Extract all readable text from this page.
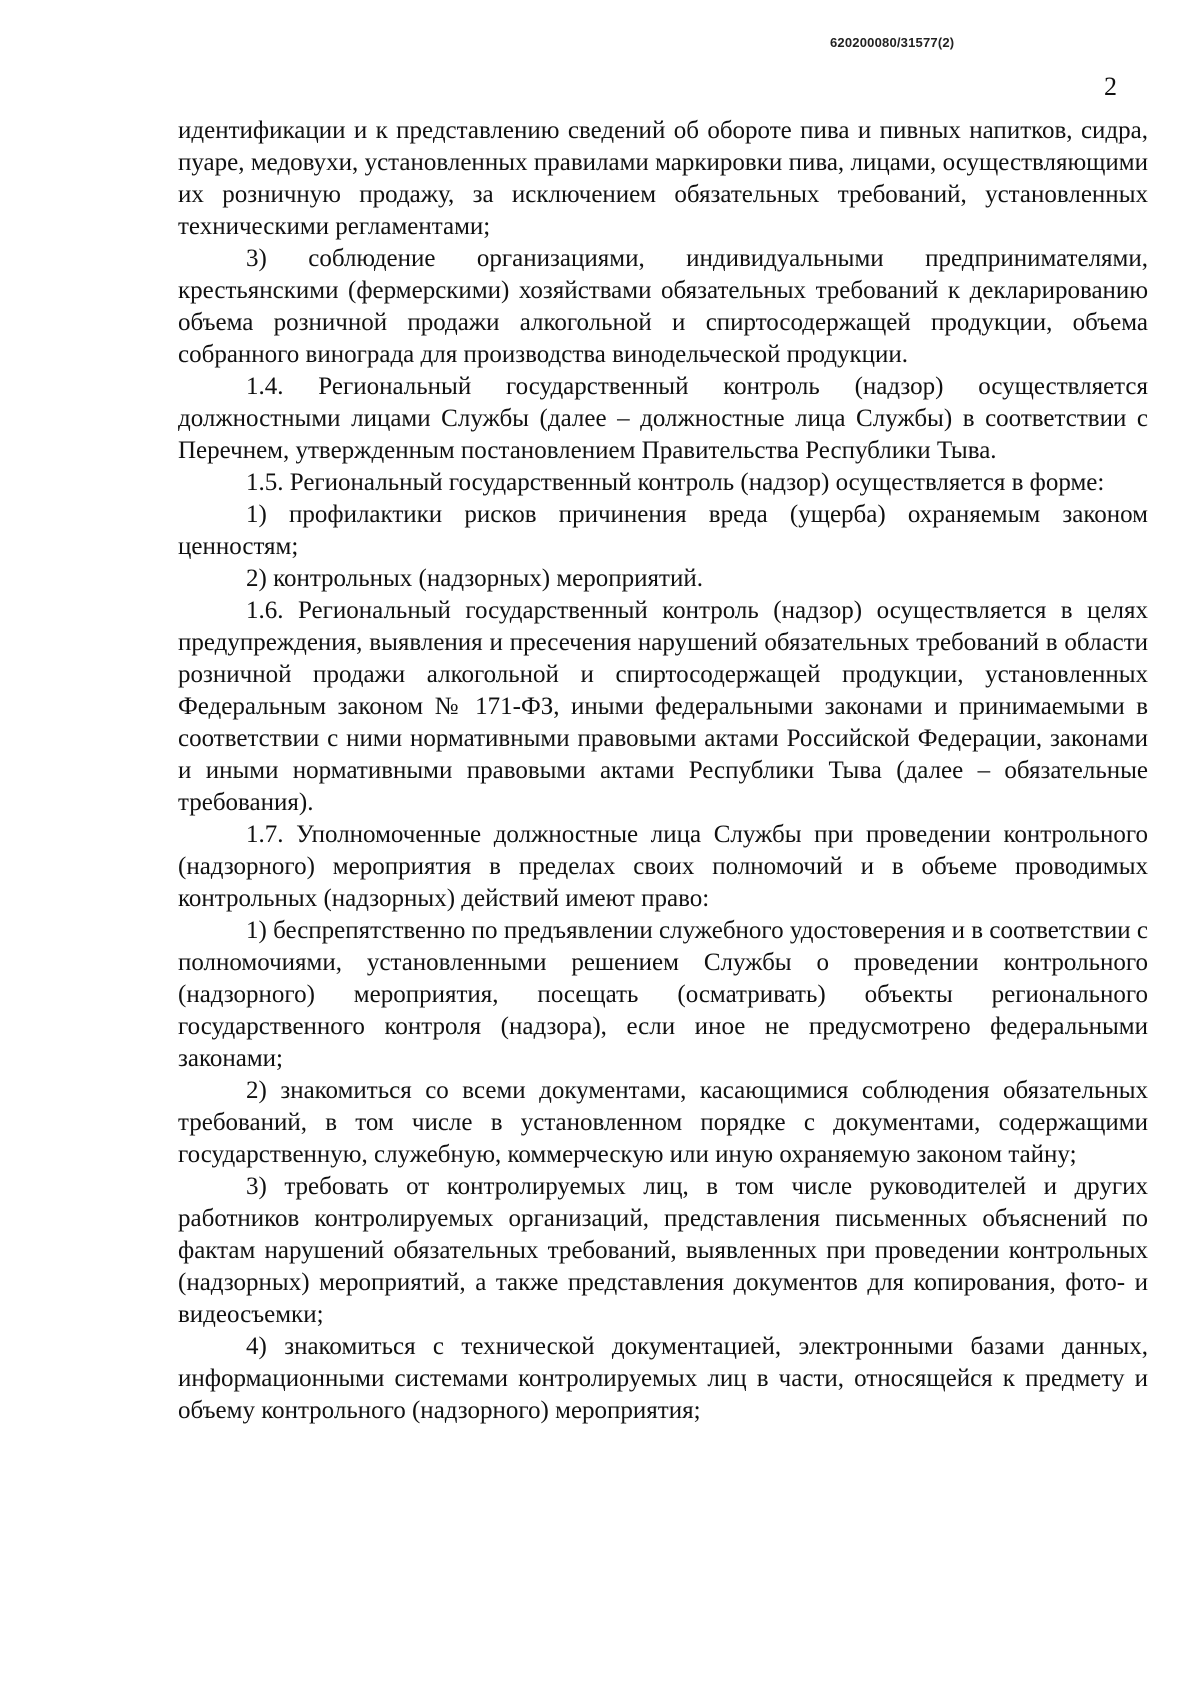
620200080/31577(2)
2

идентификации и к представлению сведений об обороте пива и пивных напитков, сидра, пуаре, медовухи, установленных правилами маркировки пива, лицами, осуществляющими их розничную продажу, за исключением обязательных требований, установленных техническими регламентами;

3) соблюдение организациями, индивидуальными предпринимателями, крестьянскими (фермерскими) хозяйствами обязательных требований к декларированию объема розничной продажи алкогольной и спиртосодержащей продукции, объема собранного винограда для производства винодельческой продукции.

1.4. Региональный государственный контроль (надзор) осуществляется должностными лицами Службы (далее – должностные лица Службы) в соответствии с Перечнем, утвержденным постановлением Правительства Республики Тыва.

1.5. Региональный государственный контроль (надзор) осуществляется в форме:

1) профилактики рисков причинения вреда (ущерба) охраняемым законом ценностям;

2) контрольных (надзорных) мероприятий.

1.6. Региональный государственный контроль (надзор) осуществляется в целях предупреждения, выявления и пресечения нарушений обязательных требований в области розничной продажи алкогольной и спиртосодержащей продукции, установленных Федеральным законом № 171-ФЗ, иными федеральными законами и принимаемыми в соответствии с ними нормативными правовыми актами Российской Федерации, законами и иными нормативными правовыми актами Республики Тыва (далее – обязательные требования).

1.7. Уполномоченные должностные лица Службы при проведении контрольного (надзорного) мероприятия в пределах своих полномочий и в объеме проводимых контрольных (надзорных) действий имеют право:

1) беспрепятственно по предъявлении служебного удостоверения и в соответствии с полномочиями, установленными решением Службы о проведении контрольного (надзорного) мероприятия, посещать (осматривать) объекты регионального государственного контроля (надзора), если иное не предусмотрено федеральными законами;

2) знакомиться со всеми документами, касающимися соблюдения обязательных требований, в том числе в установленном порядке с документами, содержащими государственную, служебную, коммерческую или иную охраняемую законом тайну;

3) требовать от контролируемых лиц, в том числе руководителей и других работников контролируемых организаций, представления письменных объяснений по фактам нарушений обязательных требований, выявленных при проведении контрольных (надзорных) мероприятий, а также представления документов для копирования, фото- и видеосъемки;

4) знакомиться с технической документацией, электронными базами данных, информационными системами контролируемых лиц в части, относящейся к предмету и объему контрольного (надзорного) мероприятия;
